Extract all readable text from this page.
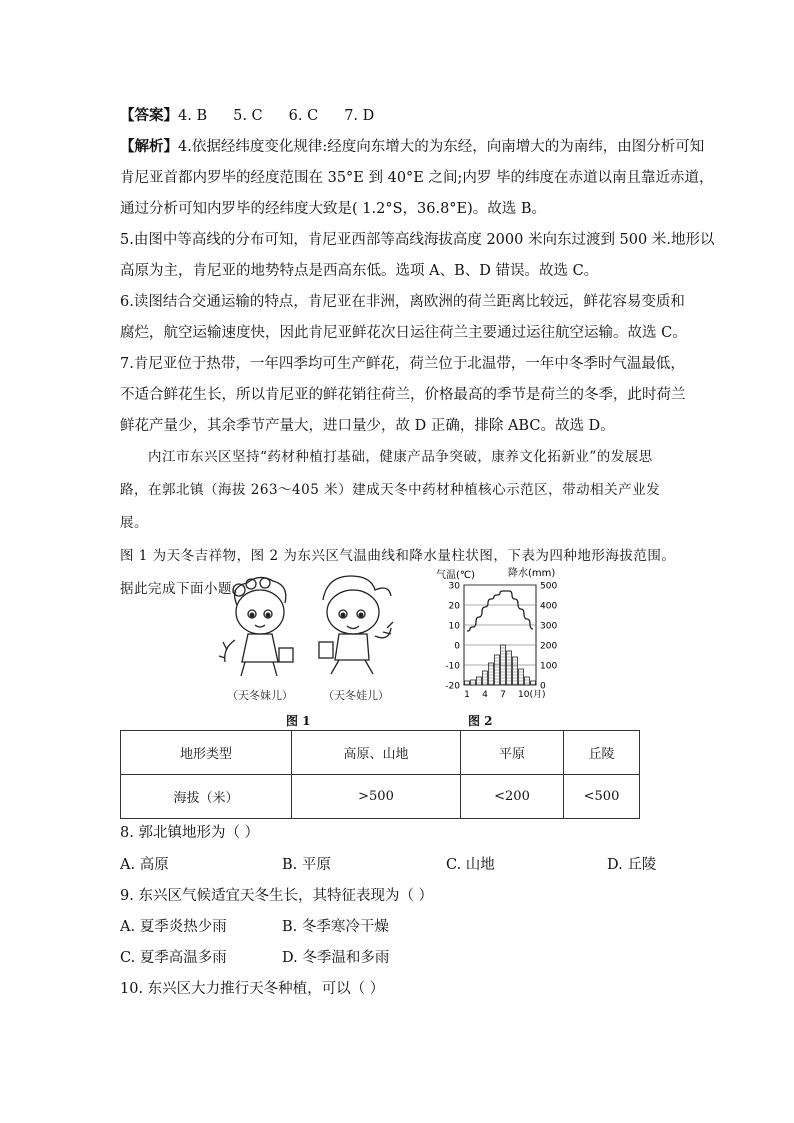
【答案】4. B 5. C 6. C 7. D
【解析】4.依据经纬度变化规律:经度向东增大的为东经，向南增大的为南纬，由图分析可知
肯尼亚首都内罗毕的经度范围在 35°E 到 40°E 之间;内罗 毕的纬度在赤道以南且靠近赤道，
通过分析可知内罗毕的经纬度大致是( 1.2°S，36.8°E)。故选 B。
5.由图中等高线的分布可知，肯尼亚西部等高线海拔高度 2000 米向东过渡到 500 米.地形以
高原为主，肯尼亚的地势特点是西高东低。选项 A、B、D 错误。故选 C。
6.读图结合交通运输的特点，肯尼亚在非洲，离欧洲的荷兰距离比较远，鲜花容易变质和
腐烂，航空运输速度快，因此肯尼亚鲜花次日运往荷兰主要通过运往航空运输。故选 C。
7.肯尼亚位于热带，一年四季均可生产鲜花，荷兰位于北温带，一年中冬季时气温最低，
不适合鲜花生长，所以肯尼亚的鲜花销往荷兰，价格最高的季节是荷兰的冬季，此时荷兰
鲜花产量少，其余季节产量大，进口量少，故 D 正确，排除 ABC。故选 D。
内江市东兴区坚持“药材种植打基础，健康产品争突破，康养文化拓新业”的发展思
路，在郭北镇（海拔 263～405 米）建成天冬中药材种植核心示范区，带动相关产业发展。
图 1 为天冬吉祥物，图 2 为东兴区气温曲线和降水量柱状图，下表为四种地形海拔范围。
据此完成下面小题。
（天冬妹儿）	（天冬娃儿）
图 1
气温(℃)	降水(mm)
30
20
10
0
-10
-20
500
400
300
200
100
0
1 4 7 10(月)
图 2
地形类型	高原、山地	平原	丘陵
海拔（米）	>500	<200	<500
8. 郭北镇地形为（ ）
A. 高原	B. 平原	C. 山地	D. 丘陵
9. 东兴区气候适宜天冬生长，其特征表现为（ ）
A. 夏季炎热少雨	B. 冬季寒冷干燥
C. 夏季高温多雨	D. 冬季温和多雨
10. 东兴区大力推行天冬种植，可以（ ）
